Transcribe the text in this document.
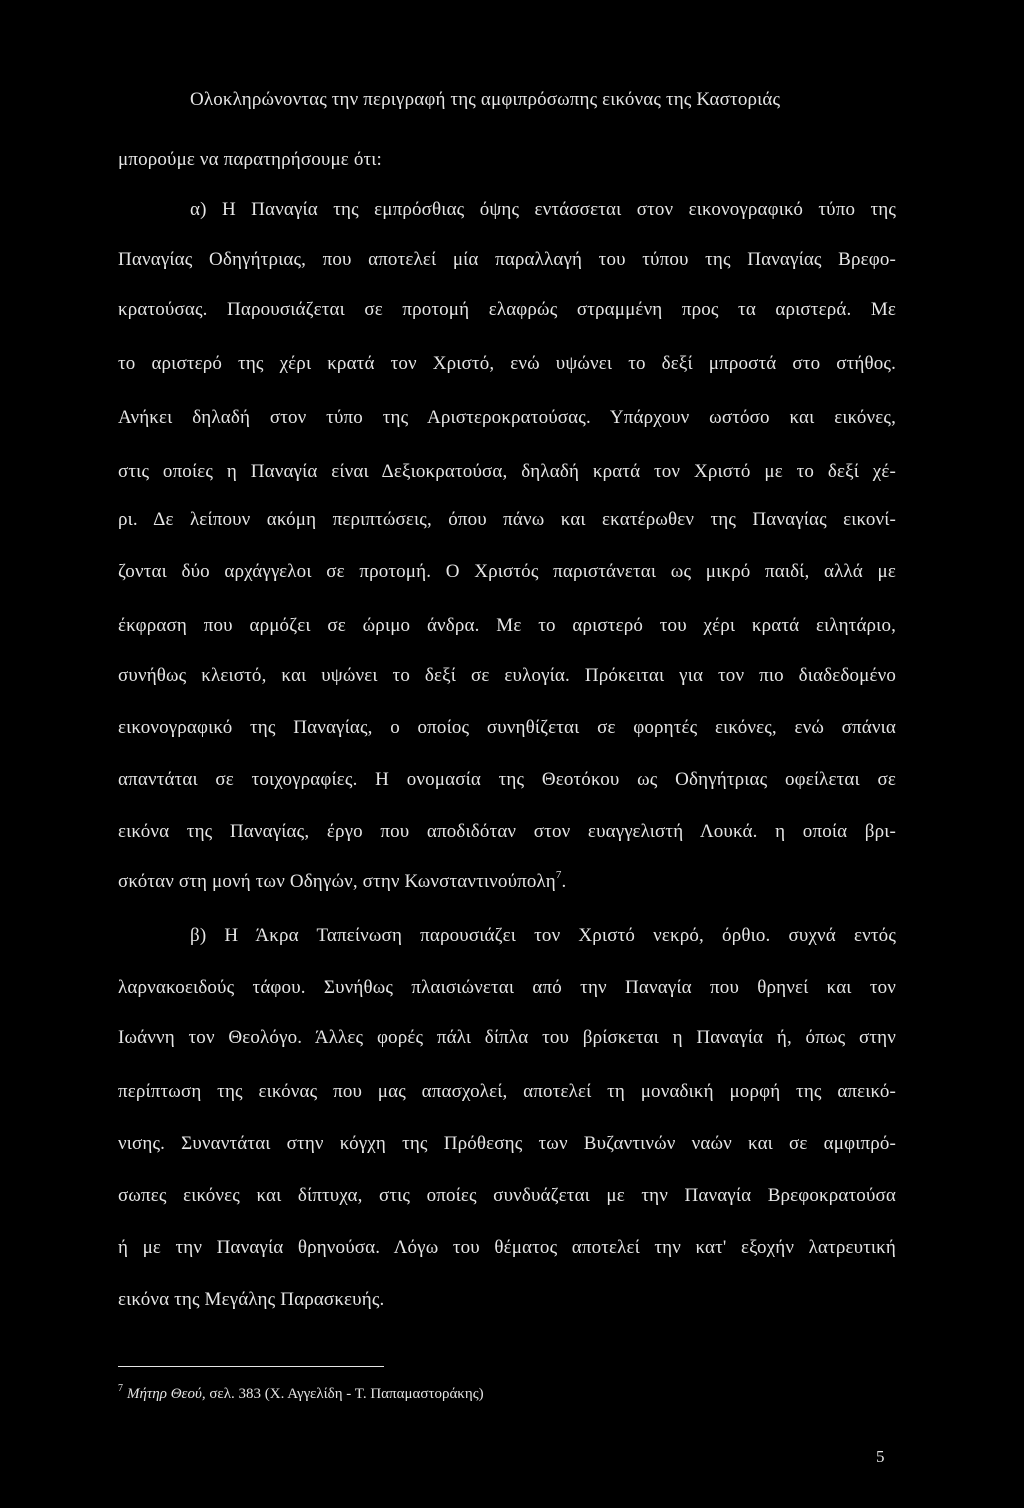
Ολοκληρώνοντας την περιγραφή της αμφιπρόσωπης εικόνας της Καστοριάς
μπορούμε να παρατηρήσουμε ότι:
α) Η Παναγία της εμπρόσθιας όψης εντάσσεται στον εικονογραφικό τύπο της
Παναγίας Οδηγήτριας, που αποτελεί μία παραλλαγή του τύπου της Παναγίας Βρεφο-
κρατούσας. Παρουσιάζεται σε προτομή ελαφρώς στραμμένη προς τα αριστερά. Με
το αριστερό της χέρι κρατά τον Χριστό, ενώ υψώνει το δεξί μπροστά στο στήθος.
Ανήκει δηλαδή στον τύπο της Αριστεροκρατούσας. Υπάρχουν ωστόσο και εικόνες,
στις οποίες η Παναγία είναι Δεξιοκρατούσα, δηλαδή κρατά τον Χριστό με το δεξί χέ-
ρι. Δε λείπουν ακόμη περιπτώσεις, όπου πάνω και εκατέρωθεν της Παναγίας εικονί-
ζονται δύο αρχάγγελοι σε προτομή. Ο Χριστός παριστάνεται ως μικρό παιδί, αλλά με
έκφραση που αρμόζει σε ώριμο άνδρα. Με το αριστερό του χέρι κρατά ειλητάριο,
συνήθως κλειστό, και υψώνει το δεξί σε ευλογία. Πρόκειται για τον πιο διαδεδομένο
εικονογραφικό της Παναγίας, ο οποίος συνηθίζεται σε φορητές εικόνες, ενώ σπάνια
απαντάται σε τοιχογραφίες. Η ονομασία της Θεοτόκου ως Οδηγήτριας οφείλεται σε
εικόνα της Παναγίας, έργο που αποδιδόταν στον ευαγγελιστή Λουκά. η οποία βρι-
σκόταν στη μονή των Οδηγών, στην Κωνσταντινούπολη$^7$.
β) Η Άκρα Ταπείνωση παρουσιάζει τον Χριστό νεκρό, όρθιο. συχνά εντός
λαρνακοειδούς τάφου. Συνήθως πλαισιώνεται από την Παναγία που θρηνεί και τον
Ιωάννη τον Θεολόγο. Άλλες φορές πάλι δίπλα του βρίσκεται η Παναγία ή, όπως στην
περίπτωση της εικόνας που μας απασχολεί, αποτελεί τη μοναδική μορφή της απεικό-
νισης. Συναντάται στην κόγχη της Πρόθεσης των Βυζαντινών ναών και σε αμφιπρό-
σωπες εικόνες και δίπτυχα, στις οποίες συνδυάζεται με την Παναγία Βρεφοκρατούσα
ή με την Παναγία θρηνούσα. Λόγω του θέματος αποτελεί την κατ' εξοχήν λατρευτική
εικόνα της Μεγάλης Παρασκευής.
$^7$ Μήτηρ Θεού, σελ. 383 (Χ. Αγγελίδη - Τ. Παπαμαστοράκης)
5
